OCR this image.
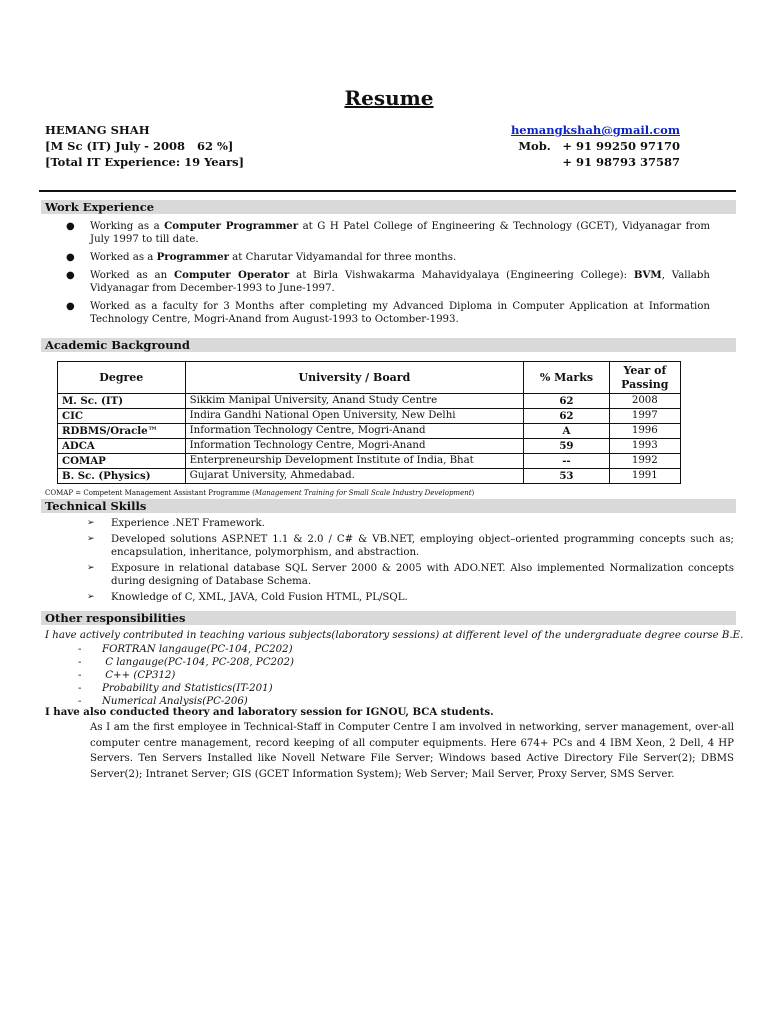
Resume
HEMANG SHAH
[M Sc (IT) July - 2008   62 %]
[Total IT Experience: 19 Years]
hemangkshah@gmail.com
Mob. + 91 99250 97170
+ 91 98793 37587
Work Experience
● Working as a Computer Programmer at G H Patel College of Engineering & Technology (GCET), Vidyanagar from July 1997 to till date.
● Worked as a Programmer at Charutar Vidyamandal for three months.
● Worked as an Computer Operator at Birla Vishwakarma Mahavidyalaya (Engineering College): BVM, Vallabh Vidyanagar from December-1993 to June-1997.
● Worked as a faculty for 3 Months after completing my Advanced Diploma in Computer Application at Information Technology Centre, Mogri-Anand from August-1993 to Octomber-1993.
Academic Background
Degree	University / Board	% Marks	Year of Passing
M. Sc. (IT)	Sikkim Manipal University, Anand Study Centre	62	2008
CIC	Indira Gandhi National Open University, New Delhi	62	1997
RDBMS/Oracle™	Information Technology Centre, Mogri-Anand	A	1996
ADCA	Information Technology Centre, Mogri-Anand	59	1993
COMAP	Enterpreneurship Development Institute of India, Bhat	--	1992
B. Sc. (Physics)	Gujarat University, Ahmedabad.	53	1991
COMAP = Competent Management Assistant Programme (Management Training for Small Scale Industry Development)
Technical Skills
➢ Experience .NET Framework.
➢ Developed solutions ASP.NET 1.1 & 2.0 / C# & VB.NET, employing object–oriented programming concepts such as; encapsulation, inheritance, polymorphism, and abstraction.
➢ Exposure in relational database SQL Server 2000 & 2005 with ADO.NET. Also implemented Normalization concepts during designing of Database Schema.
➢ Knowledge of C, XML, JAVA, Cold Fusion HTML, PL/SQL.
Other responsibilities
I have actively contributed in teaching various subjects(laboratory sessions) at different level of the undergraduate degree course B.E.
- FORTRAN langauge(PC-104, PC202)
- C langauge(PC-104, PC-208, PC202)
- C++ (CP312)
- Probability and Statistics(IT-201)
- Numerical Analysis(PC-206)
I have also conducted theory and laboratory session for IGNOU, BCA students.
As I am the first employee in Technical-Staff in Computer Centre I am involved in networking, server management, over-all computer centre management, record keeping of all computer equipments. Here 674+ PCs and 4 IBM Xeon, 2 Dell, 4 HP Servers. Ten Servers Installed like Novell Netware File Server; Windows based Active Directory File Server(2); DBMS Server(2); Intranet Server; GIS (GCET Information System); Web Server; Mail Server, Proxy Server, SMS Server.
